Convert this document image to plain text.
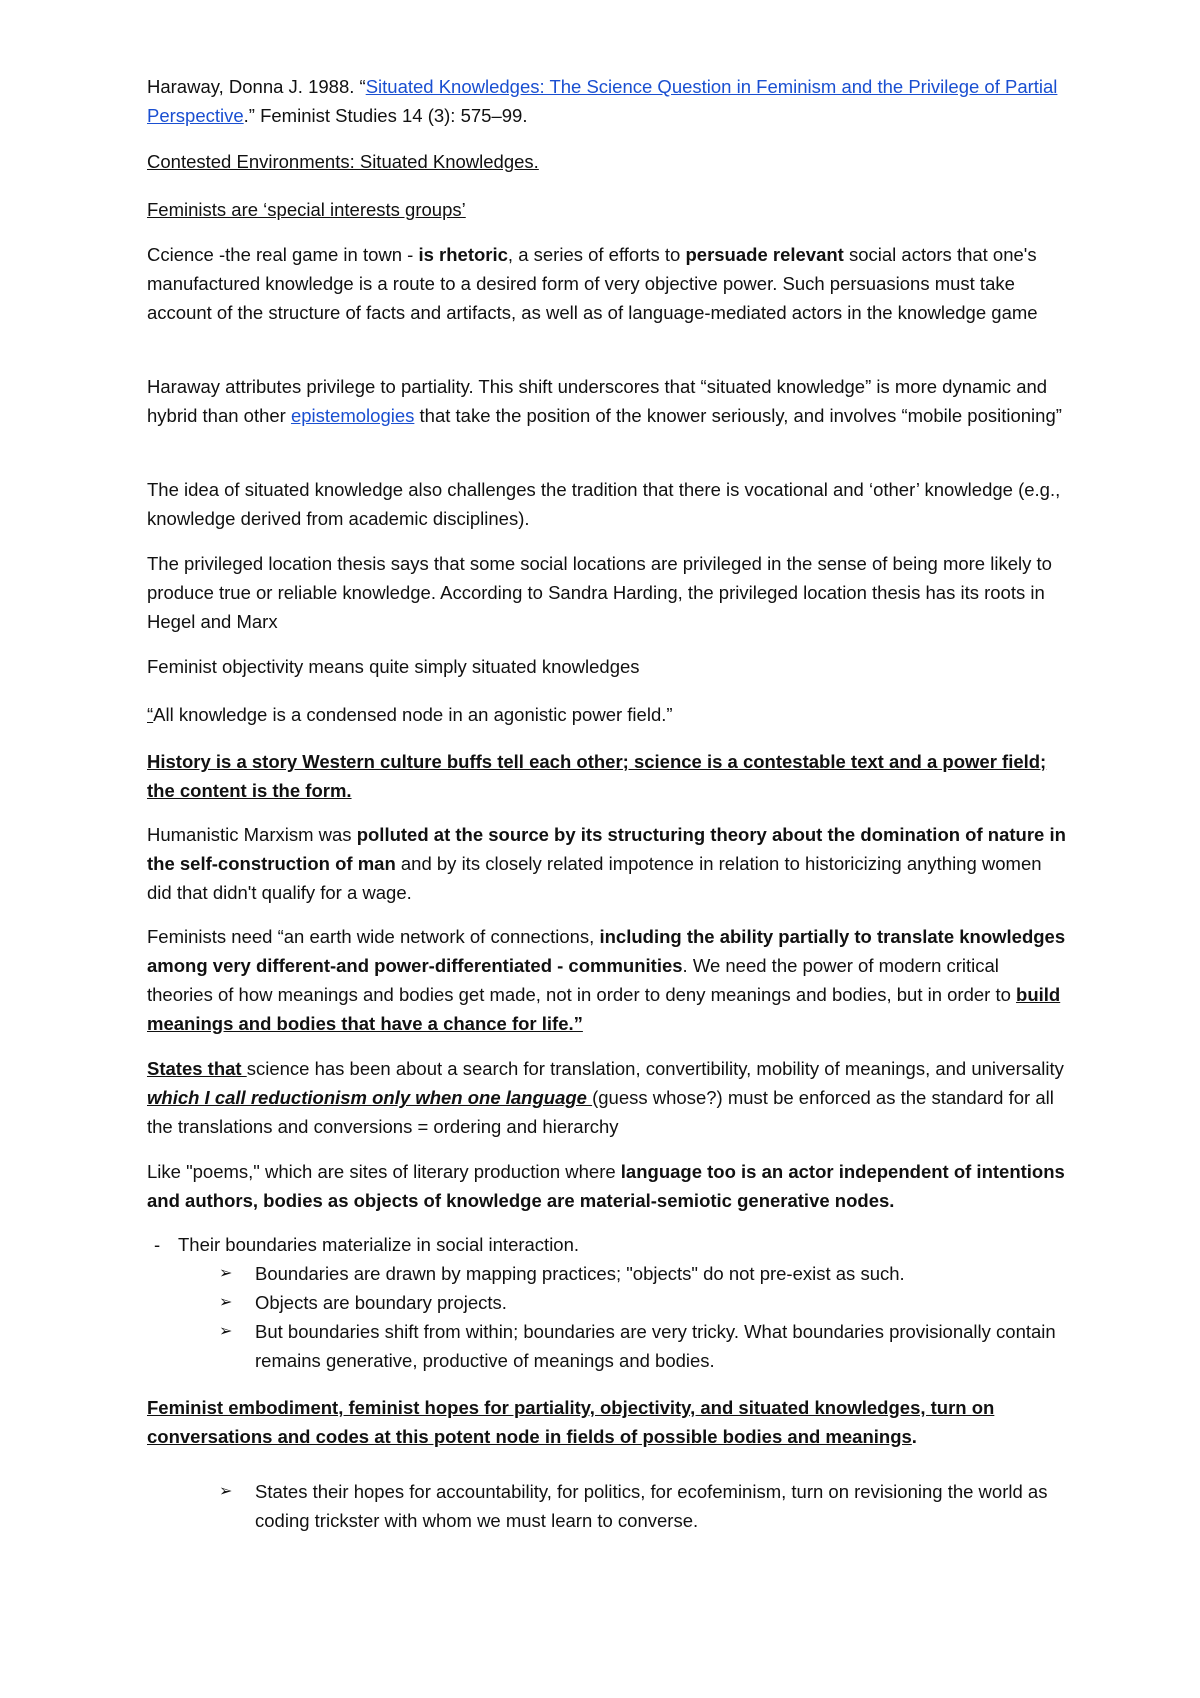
Haraway, Donna J. 1988. “Situated Knowledges: The Science Question in Feminism and the Privilege of Partial Perspective.” Feminist Studies 14 (3): 575–99.

Contested Environments: Situated Knowledges.

Feminists are ‘special interests groups’

Ccience -the real game in town - is rhetoric, a series of efforts to persuade relevant social actors that one's manufactured knowledge is a route to a desired form of very objective power. Such persuasions must take account of the structure of facts and artifacts, as well as of language-mediated actors in the knowledge game

Haraway attributes privilege to partiality. This shift underscores that “situated knowledge” is more dynamic and hybrid than other epistemologies that take the position of the knower seriously, and involves “mobile positioning”

The idea of situated knowledge also challenges the tradition that there is vocational and ‘other’ knowledge (e.g., knowledge derived from academic disciplines).

The privileged location thesis says that some social locations are privileged in the sense of being more likely to produce true or reliable knowledge. According to Sandra Harding, the privileged location thesis has its roots in Hegel and Marx

Feminist objectivity means quite simply situated knowledges

“All knowledge is a condensed node in an agonistic power field.”

History is a story Western culture buffs tell each other; science is a contestable text and a power field; the content is the form.

Humanistic Marxism was polluted at the source by its structuring theory about the domination of nature in the self-construction of man and by its closely related impotence in relation to historicizing anything women did that didn't qualify for a wage.

Feminists need “an earth wide network of connections, including the ability partially to translate knowledges among very different-and power-differentiated - communities. We need the power of modern critical theories of how meanings and bodies get made, not in order to deny meanings and bodies, but in order to build meanings and bodies that have a chance for life.”

States that science has been about a search for translation, convertibility, mobility of meanings, and universality which I call reductionism only when one language (guess whose?) must be enforced as the standard for all the translations and conversions = ordering and hierarchy

Like "poems," which are sites of literary production where language too is an actor independent of intentions and authors, bodies as objects of knowledge are material-semiotic generative nodes.

- Their boundaries materialize in social interaction.
➢ Boundaries are drawn by mapping practices; "objects" do not pre-exist as such.
➢ Objects are boundary projects.
➢ But boundaries shift from within; boundaries are very tricky. What boundaries provisionally contain remains generative, productive of meanings and bodies.

Feminist embodiment, feminist hopes for partiality, objectivity, and situated knowledges, turn on conversations and codes at this potent node in fields of possible bodies and meanings.

➢ States their hopes for accountability, for politics, for ecofeminism, turn on revisioning the world as coding trickster with whom we must learn to converse.
